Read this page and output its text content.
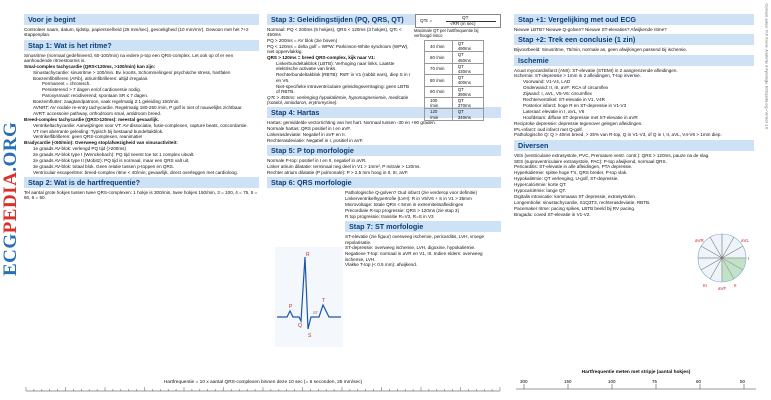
ECGPEDIA.ORG
Concept, auteur: R.F. Koene, Anatomie & Fysiologie, ECGpedia.org • Version 1.0
Voor je begint
Controleer naam, datum, tijdstip, papiersnelheid (25 mm/sec), gevoeligheid (10 mm/mV). Gewoon met het 7+2 stappenplan.
Stap 1: Wat is het ritme?
Sinusritme (normaal gedefinieerd, 60-100/min) na iedere p-top een QRS-complex. Let ook op of er een aanhoudende ritmestoornis is.
Smal-complex tachycardie (QRS<120ms, >100/min) kan zijn:
Sinustachycardie: sinusritme > 100/min. Bv. koorts, Schommelingen/ psychische stress, hartfalen
Boezemfibrilleren (AFib), atriumfibrilleren: altijd irregulair.
Permanent = chronisch.
Persisterend > 7 dagen en/of cardioversie nodig.
Paroxysmaal: recidiverend; spontaan SR ≤ 7 dagen.
Boezemflutter: zaagtandpatroon, vaak regelmatig 2:1 geleiding 150/min.
AVNRT: AV nodale re-entry tachycardie. Regelmatig 180-250 /min, P golf is niet of nauwelijks zichtbaar.
AVRT: accessoire pathway, orthodroom smal, antidroom breed.
Breed-complex tachycardie (QRS>120ms): meestal gevaarlijk.
Ventrikeltachycardie: Aanwijzingen voor VT: AV-dissociatie, fusie-complexen, capture beats, concordantie.
VT met aberrante geleiding: Typisch bij bestaand bundeltakblok.
Ventrikelfibrilleren: geen QRS-complexen, reanimatie!
Bradycardie (<60/min): Overweeg stop/afwezigheid van sinusactiviteit:
1e graads AV-blok: verlengd PQ tijd (>200ms)
2e graads AV-blok type I (Wenckebach): PQ tijd neemt toe tot 1 complex uitvalt.
2e graads AV-blok type II (Mobitz): PQ tijd is normaal, maar een QRS valt uit.
3e graads AV-blok: totaal blok. Geen relatie tussen p-toppen en QRS.
Ventriculair escaperitme: breed-complex ritme < 40/min; gevaarlijk, direct overleggen met cardioloog.
Stap 2: Wat is de hartfrequentie?
Tel aantal grote hokjes tussen twee QRS-complexen: 1 hokje is 300/min, twee hokjes 150/min, 3 = 100, 4 = 75, 5 = 60, 6 = 50.
Stap 3: Geleidingstijden (PQ, QRS, QT)
Normaal: PQ < 200ms (5 hokjes), QRS < 120ms (3 hokjes), QTc < 450ms
PQ > 200ms = AV blok (zie boven)
PQ < 120ms = delta golf = WPW: Parkinson-White syndroom (WPW), niet oppervlakkig.
QRS > 120ms = breed QRS-complex, kijk naar V1:
Linkerbundeltakblok (LBTB): Verhoging naar links. Laatste elektrische activatie van links.
Rechterbundeltakblok (RBTB): RsR' in V1 (rabbit ears), diep S in I en V6.
Niet-specifieke intraventriculaire geleidingsvertraging: geen LBTB of RBTB.
QTc > 450ms: verlenging hypokaliëmie, hypomagnesiemie, medicatie (sotalol, amiodaron, erytromycine).
Stap 4: Hartas
Hartas: gemiddelde vectorrichting van het hart. Normaal tussen -30 en +90 graden.
Normale hartas: QRS positief in I en aVF.
Linkerasdeviatie: Negatief in aVF en II.
Rechterasdeviatie: Negatief in I, positief in aVF.
Stap 5: P top morfologie
Normale P-top: positief in I en II, negatief in aVR.
Linker atrium dilatatie: terminaal neg deel in V1 > 1mm², P mitrale > 120ms.
Rechter atrium dilatatie (P pulmonale): P > 2.5 mm hoog in II, III, aVF.
Stap 6: QRS morfologie
Pathologische Q-golven? Oud infarct (zie verderop voor definitie)
Linkerventrikelhypertrofie (LVH): R in V5/V6 + S in V1 > 35mm
Microvoltage: totale QRS < 5mm in extremiteitsafleidingen
Precordiale R-top progressie: QRS > 120ms (zie stap 3)
R top progressie: transitie R=V3, R=S in V3
Stap 7: ST morfologie
ST-elevatie (zie figuur) overweeg ischemie, pericarditis, LVH, vroege repolarisatie.
ST-depressie: overweeg ischemie, LVH, digoxine, hypokaliëmie.
Negatieve T-top: normaal in aVR en V1, III. Indien elders: overweeg ischemie, LVH.
Vlakke T-top (< 0.5 mm): afwijkend.
QTc =
QT
√RR (in sec)
Maximale QT per hartfrequentie bij verhoogd risico
40 /min	QT 490ms
60 /min	QT 450ms
70 /min	QT 430ms
80 /min	QT 400ms
90 /min	QT 390ms
100 /min	QT 370ms
120 /min	QT 340ms
P
Q
R
S
T
ST
Stap +1: Vergelijking met oud ECG
Nieuwe LBTB? Nieuwe Q-golven? Nieuwe ST-elevaties? Afwijkende ritme?
Stap +2: Trek een conclusie (1 zin)
Bijvoorbeeld: Sinusritme, 75/min, normale as, geen afwijkingen passend bij ischemie.
Ischemie
Acuut myocardinfarct (AMI): ST-elevatie (STEMI) in 2 aangrenzende afleidingen.
Ischemie: ST-depressie > 1mm in 2 afleidingen, T-top inversie.
Voorwand: V1-V4, LAD
Onderwand: II, III, aVF: RCA of circumflex
Zijwand: I, aVL, V5-V6: circumflex
Rechterventrikel: ST-elevatie in V1, V4R
Posterior infarct: hoge R en ST-depressie in V1-V3
Lateraal: elevatie in I, aVL, V6
Hoofdstam: diffuse ST depressie met ST-elevatie in aVR
Reciproke depressie: depressie tegenover gelegen afleidingen.
IPL-infarct: oud infarct met Q-golf.
Pathologische Q: Q > 40ms breed, > 25% van R-top, Q in V1-V3, of Q in I, II, aVL, V4-V6 > 1mm diep.
Diversen
VES (ventriculaire extrasystole, PVC, Premature ventr. contr.): QRS > 120ms, pauze na de slag.
SES (supraventriculaire extrasystole, PAC): P-top afwijkend, normaal QRS.
Pericarditis: ST-elevatie in alle afleidingen, PTA depressie.
Hyperkaliëmie: spitse hoge T's, QRS breder, P-top vlak.
Hypokaliëmie: QT verlenging, U-golf, ST-depressie.
Hypercalciëmie: korte QT.
Hypocalciëmie: lange QT.
Digitalis intoxicatie: kommaaan ST depressie, extrasystolen.
Longembolie: sinustachycardie, S1Q3T3, rechterasdeviatie, RBTB.
Pacemaker ritme: pacing spikes, LBTB beeld bij RV pacing.
Brugada: coved ST-elevatie in V1-V2.
aVR	aVL
I
II
III
aVF
Hartfrequentie = 10 x aantal QRS-complexen binnen deze 10 sec (= 6 seconden, 25 mm/sec)
Hartfrequentie meten met stripje (aantal hokjes)
300	150	100	75	60	50
